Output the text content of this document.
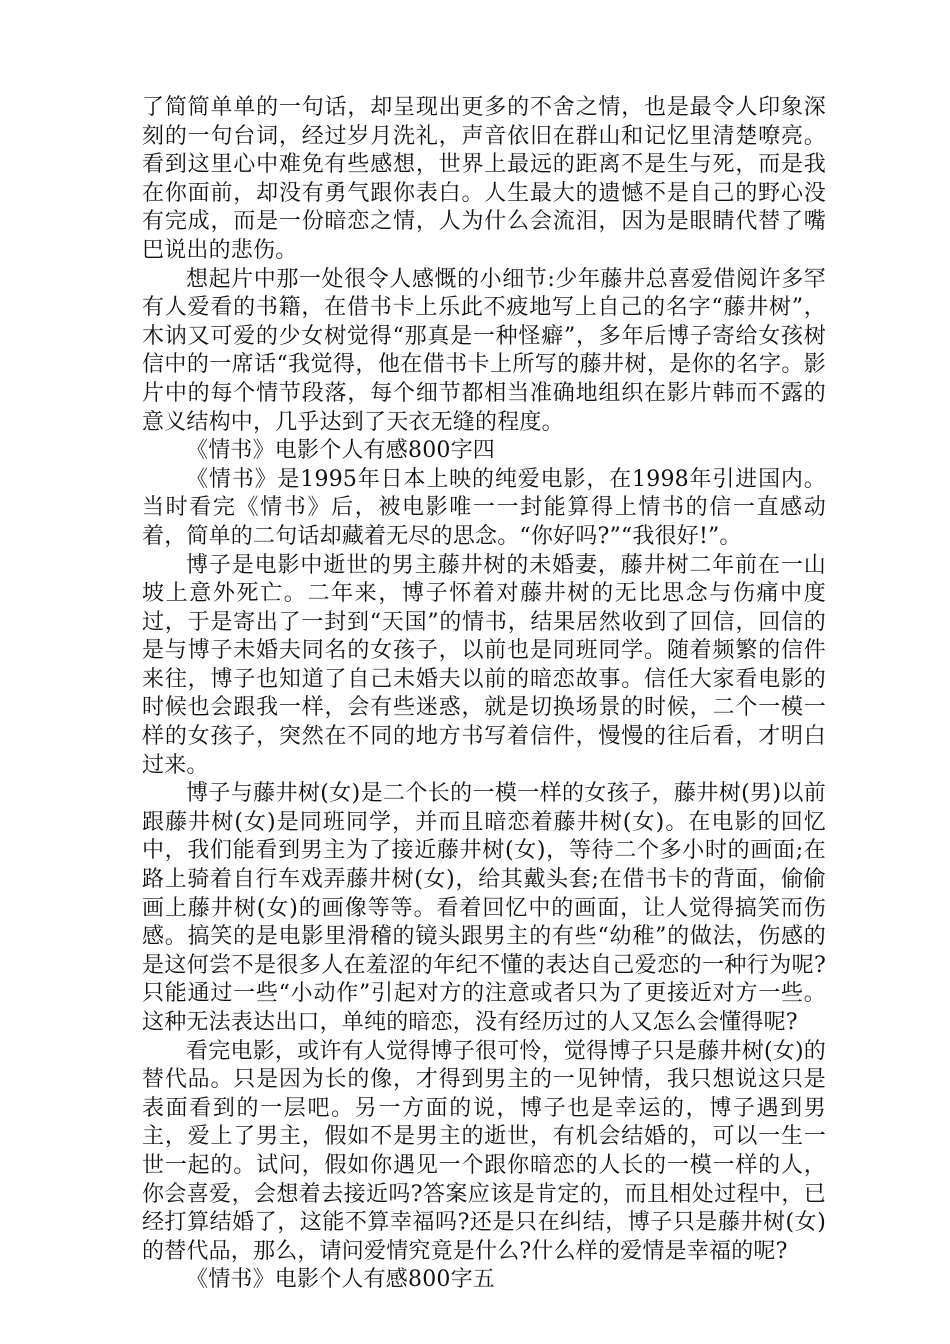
了简简单单的一句话，却呈现出更多的不舍之情，也是最令人印象深刻的一句台词，经过岁月洗礼，声音依旧在群山和记忆里清楚嘹亮。看到这里心中难免有些感想，世界上最远的距离不是生与死，而是我在你面前，却没有勇气跟你表白。人生最大的遗憾不是自己的野心没有完成，而是一份暗恋之情，人为什么会流泪，因为是眼睛代替了嘴巴说出的悲伤。

想起片中那一处很令人感慨的小细节:少年藤井总喜爱借阅许多罕有人爱看的书籍，在借书卡上乐此不疲地写上自己的名字“藤井树”，木讷又可爱的少女树觉得“那真是一种怪癖”，多年后博子寄给女孩树信中的一席话“我觉得，他在借书卡上所写的藤井树，是你的名字。影片中的每个情节段落，每个细节都相当准确地组织在影片韩而不露的意义结构中，几乎达到了天衣无缝的程度。

《情书》电影个人有感800字四

《情书》是1995年日本上映的纯爱电影，在1998年引进国内。当时看完《情书》后，被电影唯一一封能算得上情书的信一直感动着，简单的二句话却藏着无尽的思念。“你好吗?”“我很好!”。

博子是电影中逝世的男主藤井树的未婚妻，藤井树二年前在一山坡上意外死亡。二年来，博子怀着对藤井树的无比思念与伤痛中度过，于是寄出了一封到“天国”的情书，结果居然收到了回信，回信的是与博子未婚夫同名的女孩子，以前也是同班同学。随着频繁的信件来往，博子也知道了自己未婚夫以前的暗恋故事。信任大家看电影的时候也会跟我一样，会有些迷惑，就是切换场景的时候，二个一模一样的女孩子，突然在不同的地方书写着信件，慢慢的往后看，才明白过来。

博子与藤井树(女)是二个长的一模一样的女孩子，藤井树(男)以前跟藤井树(女)是同班同学，并而且暗恋着藤井树(女)。在电影的回忆中，我们能看到男主为了接近藤井树(女)，等待二个多小时的画面;在路上骑着自行车戏弄藤井树(女)，给其戴头套;在借书卡的背面，偷偷画上藤井树(女)的画像等等。看着回忆中的画面，让人觉得搞笑而伤感。搞笑的是电影里滑稽的镜头跟男主的有些“幼稚”的做法，伤感的是这何尝不是很多人在羞涩的年纪不懂的表达自己爱恋的一种行为呢?只能通过一些“小动作”引起对方的注意或者只为了更接近对方一些。这种无法表达出口，单纯的暗恋，没有经历过的人又怎么会懂得呢?

看完电影，或许有人觉得博子很可怜，觉得博子只是藤井树(女)的替代品。只是因为长的像，才得到男主的一见钟情，我只想说这只是表面看到的一层吧。另一方面的说，博子也是幸运的，博子遇到男主，爱上了男主，假如不是男主的逝世，有机会结婚的，可以一生一世一起的。试问，假如你遇见一个跟你暗恋的人长的一模一样的人，你会喜爱，会想着去接近吗?答案应该是肯定的，而且相处过程中，已经打算结婚了，这能不算幸福吗?还是只在纠结，博子只是藤井树(女)的替代品，那么，请问爱情究竟是什么?什么样的爱情是幸福的呢?

《情书》电影个人有感800字五
